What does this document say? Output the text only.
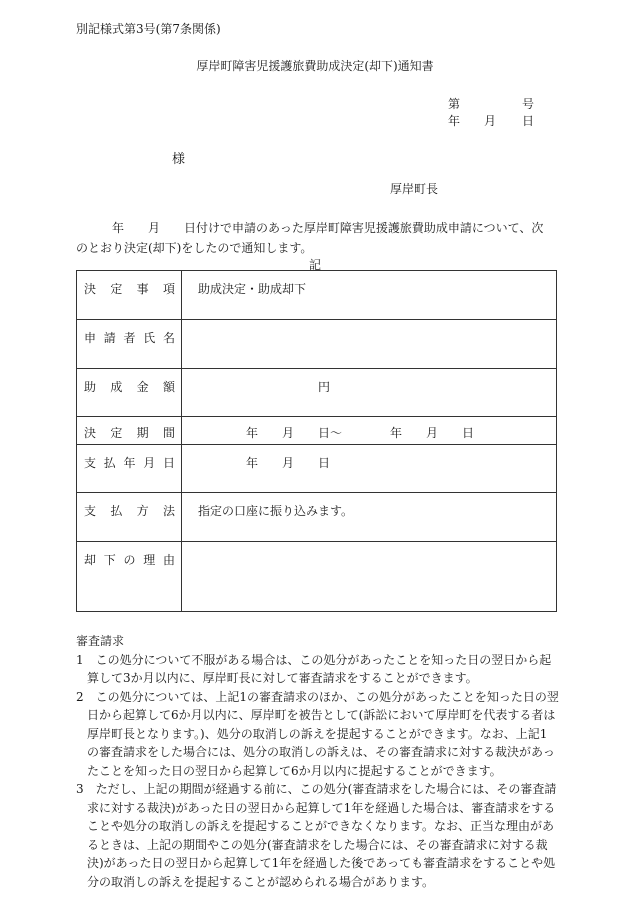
別記様式第3号(第7条関係)
厚岸町障害児援護旅費助成決定(却下)通知書
第	号
年	月	日
様
厚岸町長
　　　年　　月　　日付けで申請のあった厚岸町障害児援護旅費助成申請について、次
のとおり決定(却下)をしたので通知します。
記
決 定 事 項	助成決定・助成却下

申 請 者 氏 名	

助 成 金 額	円

決 定 期 間	年　　月　　日～　　　　年　　月　　日

支 払 年 月 日	年　　月　　日

支 払 方 法	指定の口座に振り込みます。

却 下 の 理 由	

審査請求
1　この処分について不服がある場合は、この処分があったことを知った日の翌日から起
算して3か月以内に、厚岸町長に対して審査請求をすることができます。
2　この処分については、上記1の審査請求のほか、この処分があったことを知った日の翌
日から起算して6か月以内に、厚岸町を被告として(訴訟において厚岸町を代表する者は
厚岸町長となります。)、処分の取消しの訴えを提起することができます。なお、上記1
の審査請求をした場合には、処分の取消しの訴えは、その審査請求に対する裁決があっ
たことを知った日の翌日から起算して6か月以内に提起することができます。
3　ただし、上記の期間が経過する前に、この処分(審査請求をした場合には、その審査請
求に対する裁決)があった日の翌日から起算して1年を経過した場合は、審査請求をする
ことや処分の取消しの訴えを提起することができなくなります。なお、正当な理由があ
るときは、上記の期間やこの処分(審査請求をした場合には、その審査請求に対する裁
決)があった日の翌日から起算して1年を経過した後であっても審査請求をすることや処
分の取消しの訴えを提起することが認められる場合があります。
